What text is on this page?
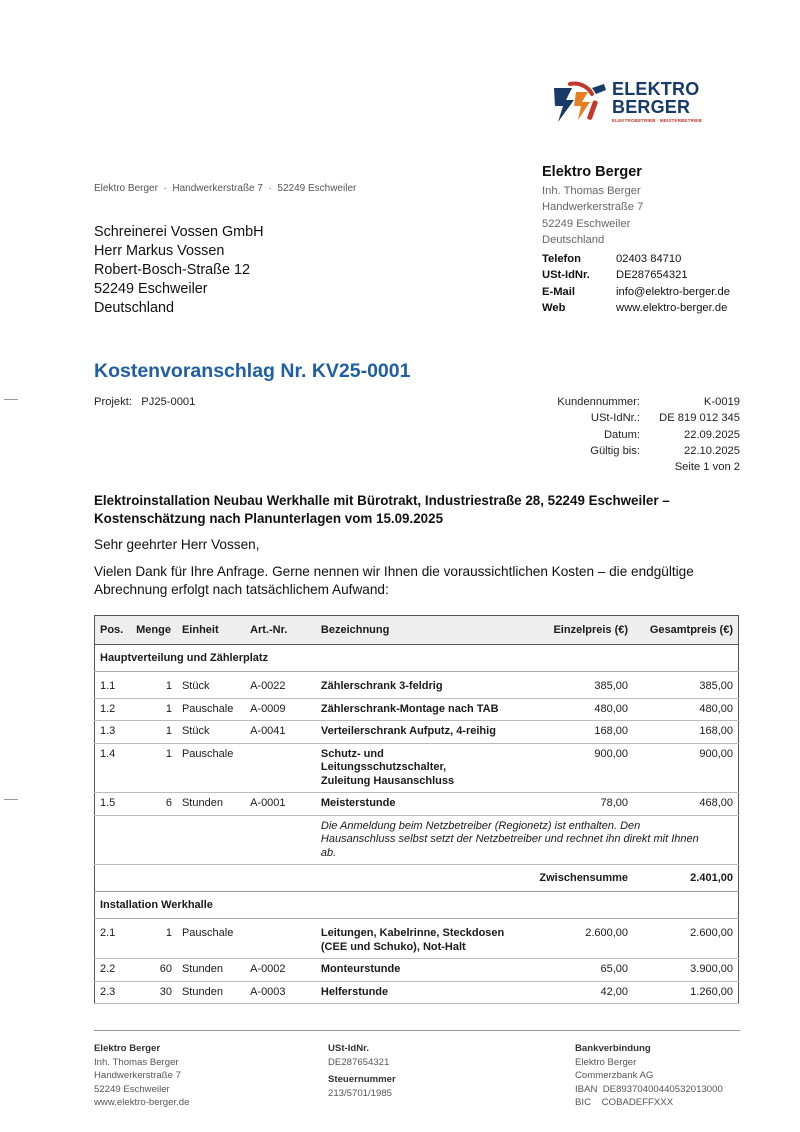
ELEKTRO
BERGER
ELEKTROBETRIEB · MEISTERBETRIEB
Elektro Berger  ·  Handwerkerstraße 7  ·  52249 Eschweiler
Schreinerei Vossen GmbH
Herr Markus Vossen
Robert-Bosch-Straße 12
52249 Eschweiler
Deutschland
Elektro Berger
Inh. Thomas Berger
Handwerkerstraße 7
52249 Eschweiler
Deutschland
Telefon	02403 84710
USt-IdNr.	DE287654321
E-Mail	info@elektro-berger.de
Web	www.elektro-berger.de
Kostenvoranschlag Nr. KV25-0001
Projekt: PJ25-0001	Kundennummer:	K-0019
USt-IdNr.:	DE 819 012 345
Datum:	22.09.2025
Gültig bis:	22.10.2025
Seite 1 von 2
Elektroinstallation Neubau Werkhalle mit Bürotrakt, Industriestraße 28, 52249 Eschweiler – Kostenschätzung nach Planunterlagen vom 15.09.2025
Sehr geehrter Herr Vossen,
Vielen Dank für Ihre Anfrage. Gerne nennen wir Ihnen die voraussichtlichen Kosten – die endgültige Abrechnung erfolgt nach tatsächlichem Aufwand:
Pos.	Menge	Einheit	Art.-Nr.	Bezeichnung	Einzelpreis (€)	Gesamtpreis (€)
Hauptverteilung und Zählerplatz						

1.1	1	Stück	A-0022	Zählerschrank 3-feldrig	385,00	385,00
1.2	1	Pauschale	A-0009	Zählerschrank-Montage nach TAB	480,00	480,00
1.3	1	Stück	A-0041	Verteilerschrank Aufputz, 4-reihig	168,00	168,00
1.4	1	Pauschale		Schutz- und Leitungsschutzschalter, Zuleitung Hausanschluss	900,00	900,00
1.5	6	Stunden	A-0001	Meisterstunde	78,00	468,00
				Die Anmeldung beim Netzbetreiber (Regionetz) ist enthalten. Den Hausanschluss selbst setzt der Netzbetreiber und rechnet ihn direkt mit Ihnen ab.		
					Zwischensumme	2.401,00
Installation Werkhalle						

2.1	1	Pauschale		Leitungen, Kabelrinne, Steckdosen (CEE und Schuko), Not-Halt	2.600,00	2.600,00
2.2	60	Stunden	A-0002	Monteurstunde	65,00	3.900,00
2.3	30	Stunden	A-0003	Helferstunde	42,00	1.260,00
Elektro Berger
Inh. Thomas Berger
Handwerkerstraße 7
52249 Eschweiler
www.elektro-berger.de
USt-IdNr.
DE287654321
Steuernummer
213/5701/1985
Bankverbindung
Elektro Berger
Commerzbank AG
IBAN DE89370400440532013000
BIC COBADEFFXXX
